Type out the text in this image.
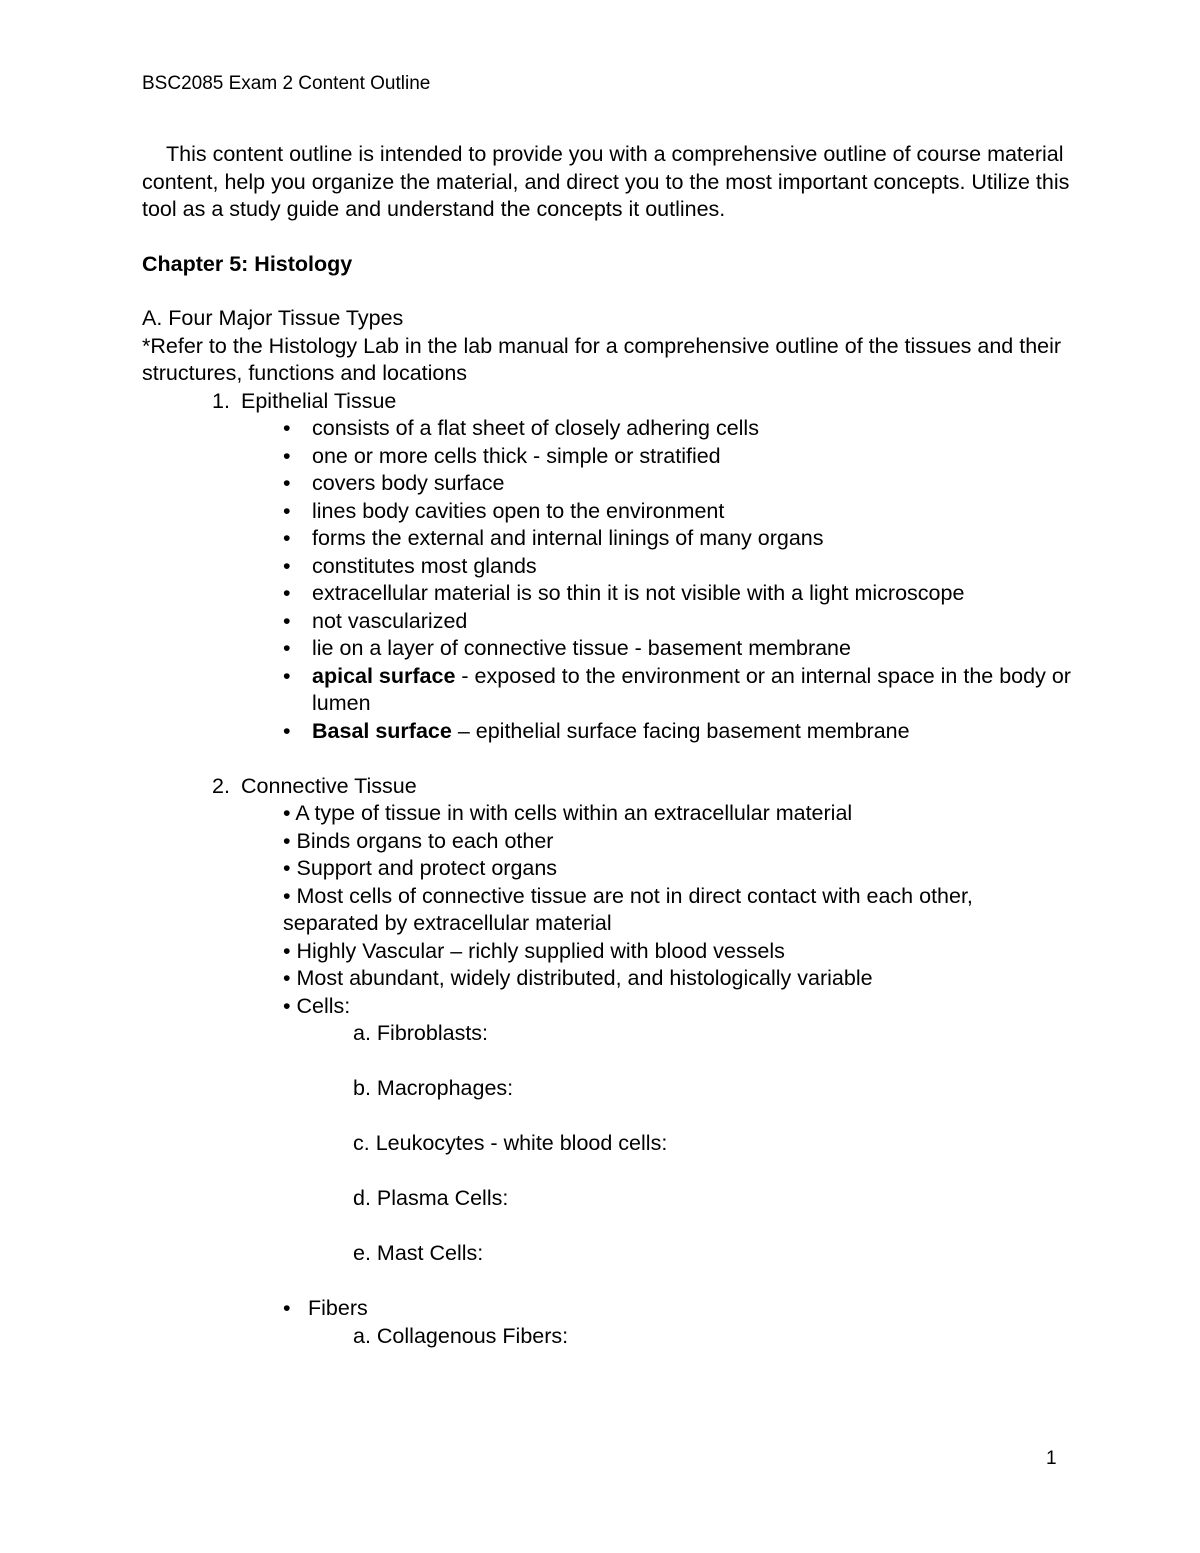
BSC2085 Exam 2 Content Outline

This content outline is intended to provide you with a comprehensive outline of course material content, help you organize the material, and direct you to the most important concepts. Utilize this tool as a study guide and understand the concepts it outlines.

Chapter 5: Histology

A. Four Major Tissue Types

*Refer to the Histology Lab in the lab manual for a comprehensive outline of the tissues and their structures, functions and locations

1. Epithelial Tissue
• consists of a flat sheet of closely adhering cells
• one or more cells thick - simple or stratified
• covers body surface
• lines body cavities open to the environment
• forms the external and internal linings of many organs
• constitutes most glands
• extracellular material is so thin it is not visible with a light microscope
• not vascularized
• lie on a layer of connective tissue - basement membrane
• apical surface - exposed to the environment or an internal space in the body or lumen
• Basal surface – epithelial surface facing basement membrane
2. Connective Tissue
• A type of tissue in with cells within an extracellular material
• Binds organs to each other
• Support and protect organs
• Most cells of connective tissue are not in direct contact with each other, separated by extracellular material
• Highly Vascular – richly supplied with blood vessels
• Most abundant, widely distributed, and histologically variable
• Cells:
a. Fibroblasts:
b. Macrophages:
c. Leukocytes - white blood cells:
d. Plasma Cells:
e. Mast Cells:
• Fibers
a. Collagenous Fibers:
1
